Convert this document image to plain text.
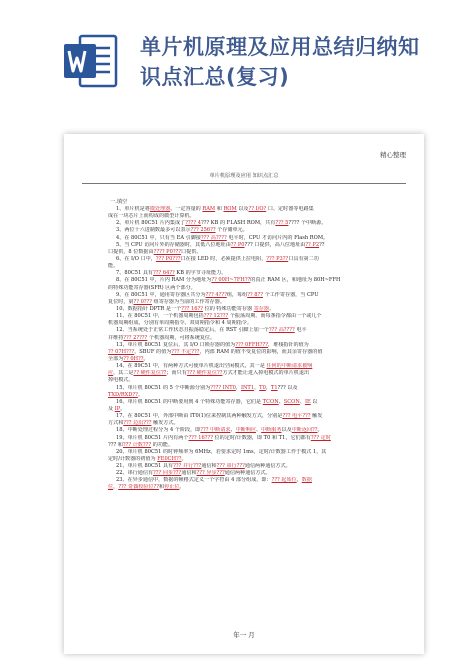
单片机原理及应用总结归纳知
识点汇总(复习)
精心整理
单片机原理及应用 知识点汇总
一.填空
1、单片机是将微处理器、一定容量的 RAM 和 ROM 以及?? I/O? 口、定时器等电路集
成在一块芯片上而构成的微型计算机。
2、单片机 80C51 片内集成了???? 4??? KB 的 FLASH ROM，共有??? 5???? 个中断源。
3、两位十六进制数最多可以表示??? 256?? 个存储单元。
4、在 80C51 中，只有当 EA 引脚接??? 高???? 电平时，CPU 才访问片内的 Flash ROM。
5、当 CPU 访问片外的存储器时，其低八位地址由?? P0??? 口提供，高八位地址由?? P2??
口提供，8 位数据由???? P0???口提供。
6、在 I/O 口中，??? P0???口在接 LED 时，必须提供上拉电阻，??? P3??口具有第二功
能。
7、80C51 具有??? 64?? KB 的字节寻址能力。
8、在 80C51 中，片内 RAM 分为地址为?? 00H~7FH??的真正 RAM 区，和地址为 80H~FFH
的特殊功能寄存器(SFR) 区两个部分。
9、在 80C51 中，通用寄存器区共分为??? 4???组，每组?? 8?? 个工作寄存器，当 CPU
复位时，第?? 0??? 组寄存器为当前的工作寄存器。
10、数据指针 DPTR 是一个??? 16?? 位的 特殊功能寄存器 寄存器。
11、在 80C51 中，一个机器周期包括??? 12??? 个振荡周期，而每条指令都由一个或几个
机器周期组成，分别有单周期指令、双周期指令和 4 周期指令。
12、当系统处于正常工作状态且振荡稳定后，在 RST 引脚上加一个??? 高???? 电平
并维持??? 2???? 个机器周期，可将系统复位。
13、单片机 80C51 复位后，其 I/O 口锁存器的值为??? 0FFH???，堆栈指针的值为
?? 07H???，SBUF 的值为??? 不定???，内部 RAM 的值不受复位的影响，而其余寄存器的值
全部为?? 0H??。
14、在 89C51 中，有两种方式可使单片机退出空闲模式，其一是 任何的中断请求被响
应，其二是?? 硬件复位??；而只有??? 硬件复位??方式才能让进入掉电模式的单片机退出
掉电模式。
15、单片机 80C51 的 5 个中断源分别为???? INT0，INT1，T0，T1??? 以及
TXD/RXD??。
16、单片机 80C51 的中断要用到 4 个特殊功能寄存器，它们是 TCON、SCON、IE 以
及 IP。
17、在 80C51 中，外部中断由 IT0(1)位来控制其两种触发方式，分别是??? 电平??? 触发
方式和??? 边沿??? 触发方式。
18、中断处理过程分为 4 个阶段，即??? 中断请求、中断响应、中断服务以及中断返回??。
19、单片机 80C51 片内有两个??? 16??? 位的定时/计数器，即 T0 和 T1，它们都有??? 定时
??? 和??? 计数??? 的功能。
20、单片机 80C51 的时钟频率为 6MHz，若要求定时 1ms，定时/计数器工作于模式 1，其
定时/计数器的初值为 FE0CH??。
21、单片机 80C51 具有??? 并行???通信和??? 串行???通信两种通信方式。
22、串行通信有??? 同步???通信和??? 异步???通信两种通信方式。
23、在异步通信中，数据的帧格式定义一个字符由 4 部分组成，即：??? 起始位，数据
位，??? 奇偶校验位??和停止位。
年一 月
